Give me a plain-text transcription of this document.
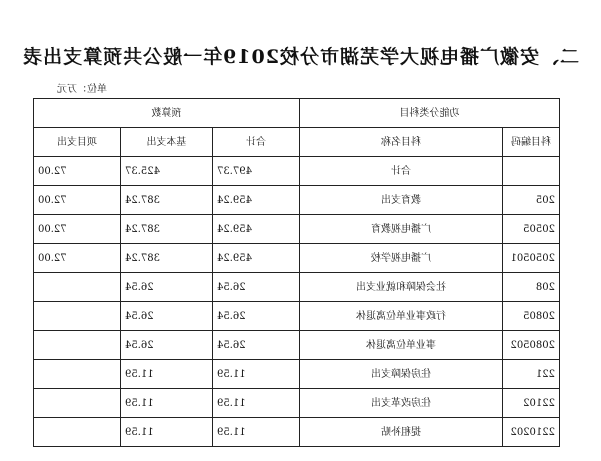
二、安徽广播电视大学芜湖市分校2019年一般公共预算支出表
单位：万元
功能分类科目		预算数		
科目编码	科目名称	合计	基本支出	项目支出
	合计	497.37	425.37	72.00
205	教育支出	459.24	387.24	72.00
20505	广播电视教育	459.24	387.24	72.00
2050501	广播电视学校	459.24	387.24	72.00
208	社会保障和就业支出	26.54	26.54	
20805	行政事业单位离退休	26.54	26.54	
2080502	事业单位离退休	26.54	26.54	
221	住房保障支出	11.59	11.59	
22102	住房改革支出	11.59	11.59	
2210202	提租补贴	11.59	11.59	
